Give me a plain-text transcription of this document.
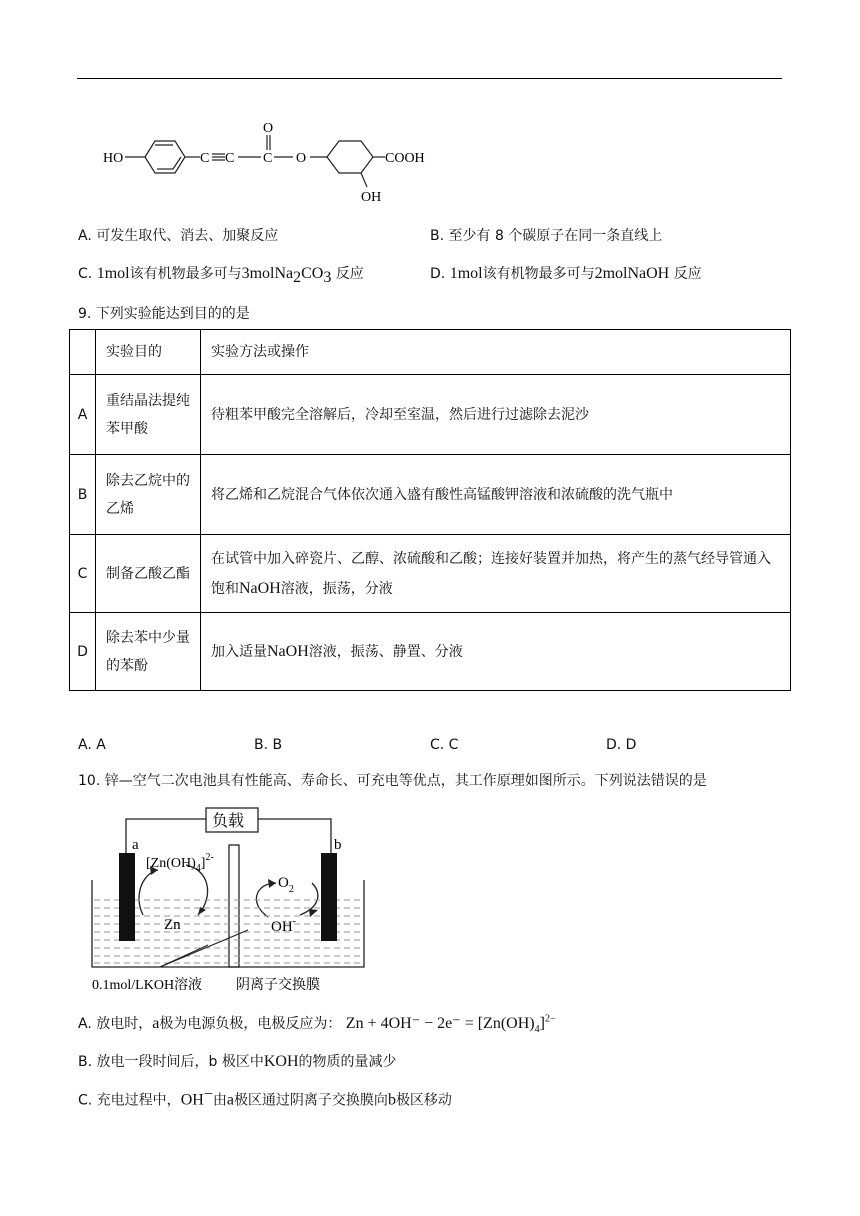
HO	C C C
O
O	COOH
OH
A. 可发生取代、消去、加聚反应	B. 至少有 8 个碳原子在同一条直线上
C. 1mol该有机物最多可与$3molNa_2CO_3$ 反应	D. 1mol该有机物最多可与2molNaOH 反应
9. 下列实验能达到目的的是
	实验目的	实验方法或操作
A	重结晶法提纯苯甲酸	待粗苯甲酸完全溶解后，冷却至室温，然后进行过滤除去泥沙
B	除去乙烷中的乙烯	将乙烯和乙烷混合气体依次通入盛有酸性高锰酸钾溶液和浓硫酸的洗气瓶中
C	制备乙酸乙酯	在试管中加入碎瓷片、乙醇、浓硫酸和乙酸；连接好装置并加热，将产生的蒸气经导管通入饱和NaOH溶液，振荡，分液
D	除去苯中少量的苯酚	加入适量NaOH溶液，振荡、静置、分液
A. A	B. B	C. C	D. D
10. 锌—空气二次电池具有性能高、寿命长、可充电等优点，其工作原理如图所示。下列说法错误的是
负载
a	b
$[Zn(OH)_4]^{2-}$
Zn
$O_2$
OH-
0.1mol/LKOH溶液 阴离子交换膜
A. 放电时，a极为电源负极，电极反应为： $Zn + 4OH^- - 2e^- = [Zn(OH)_4]^{2-}$
B. 放电一段时间后，b 极区中KOH的物质的量减少
C. 充电过程中，OH−由a极区通过阴离子交换膜向b极区移动
